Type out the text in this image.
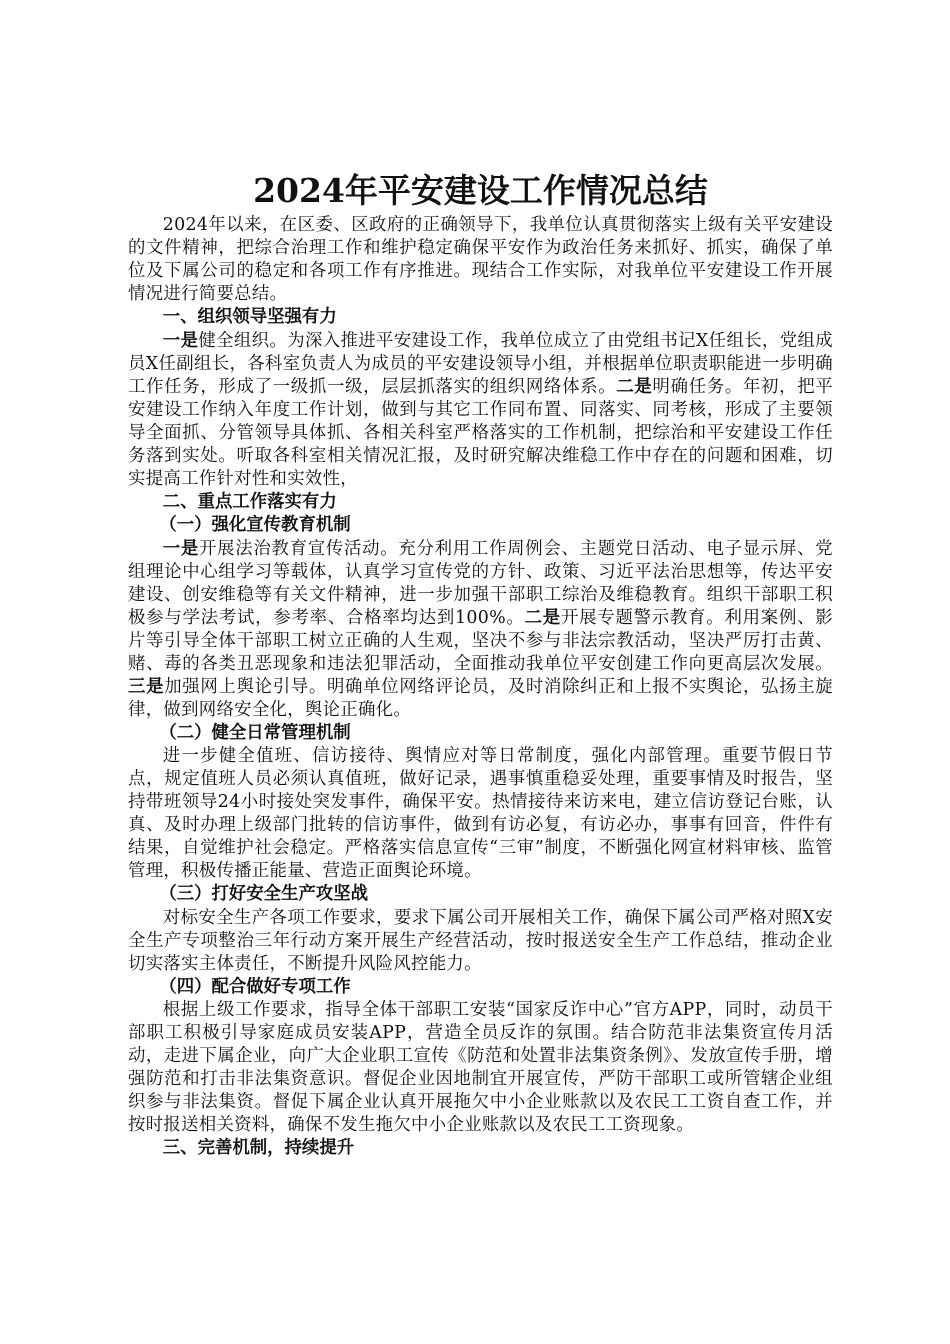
2024年平安建设工作情况总结

2024年以来，在区委、区政府的正确领导下，我单位认真贯彻落实上级有关平安建设的文件精神，把综合治理工作和维护稳定确保平安作为政治任务来抓好、抓实，确保了单位及下属公司的稳定和各项工作有序推进。现结合工作实际，对我单位平安建设工作开展情况进行简要总结。

一、组织领导坚强有力

一是健全组织。为深入推进平安建设工作，我单位成立了由党组书记X任组长，党组成员X任副组长，各科室负责人为成员的平安建设领导小组，并根据单位职责职能进一步明确工作任务，形成了一级抓一级，层层抓落实的组织网络体系。二是明确任务。年初，把平安建设工作纳入年度工作计划，做到与其它工作同布置、同落实、同考核，形成了主要领导全面抓、分管领导具体抓、各相关科室严格落实的工作机制，把综治和平安建设工作任务落到实处。听取各科室相关情况汇报，及时研究解决维稳工作中存在的问题和困难，切实提高工作针对性和实效性，

二、重点工作落实有力

（一）强化宣传教育机制

一是开展法治教育宣传活动。充分利用工作周例会、主题党日活动、电子显示屏、党组理论中心组学习等载体，认真学习宣传党的方针、政策、习近平法治思想等，传达平安建设、创安维稳等有关文件精神，进一步加强干部职工综治及维稳教育。组织干部职工积极参与学法考试，参考率、合格率均达到100%。二是开展专题警示教育。利用案例、影片等引导全体干部职工树立正确的人生观，坚决不参与非法宗教活动，坚决严厉打击黄、赌、毒的各类丑恶现象和违法犯罪活动，全面推动我单位平安创建工作向更高层次发展。三是加强网上舆论引导。明确单位网络评论员，及时消除纠正和上报不实舆论，弘扬主旋律，做到网络安全化，舆论正确化。

（二）健全日常管理机制

进一步健全值班、信访接待、舆情应对等日常制度，强化内部管理。重要节假日节点，规定值班人员必须认真值班，做好记录，遇事慎重稳妥处理，重要事情及时报告，坚持带班领导24小时接处突发事件，确保平安。热情接待来访来电，建立信访登记台账，认真、及时办理上级部门批转的信访事件，做到有访必复，有访必办，事事有回音，件件有结果，自觉维护社会稳定。严格落实信息宣传“三审”制度，不断强化网宣材料审核、监管管理，积极传播正能量、营造正面舆论环境。

（三）打好安全生产攻坚战

对标安全生产各项工作要求，要求下属公司开展相关工作，确保下属公司严格对照X安全生产专项整治三年行动方案开展生产经营活动，按时报送安全生产工作总结，推动企业切实落实主体责任，不断提升风险风控能力。

（四）配合做好专项工作

根据上级工作要求，指导全体干部职工安装“国家反诈中心”官方APP，同时，动员干部职工积极引导家庭成员安装APP，营造全员反诈的氛围。结合防范非法集资宣传月活动，走进下属企业，向广大企业职工宣传《防范和处置非法集资条例》、发放宣传手册，增强防范和打击非法集资意识。督促企业因地制宜开展宣传，严防干部职工或所管辖企业组织参与非法集资。督促下属企业认真开展拖欠中小企业账款以及农民工工资自查工作，并按时报送相关资料，确保不发生拖欠中小企业账款以及农民工工资现象。

三、完善机制，持续提升
